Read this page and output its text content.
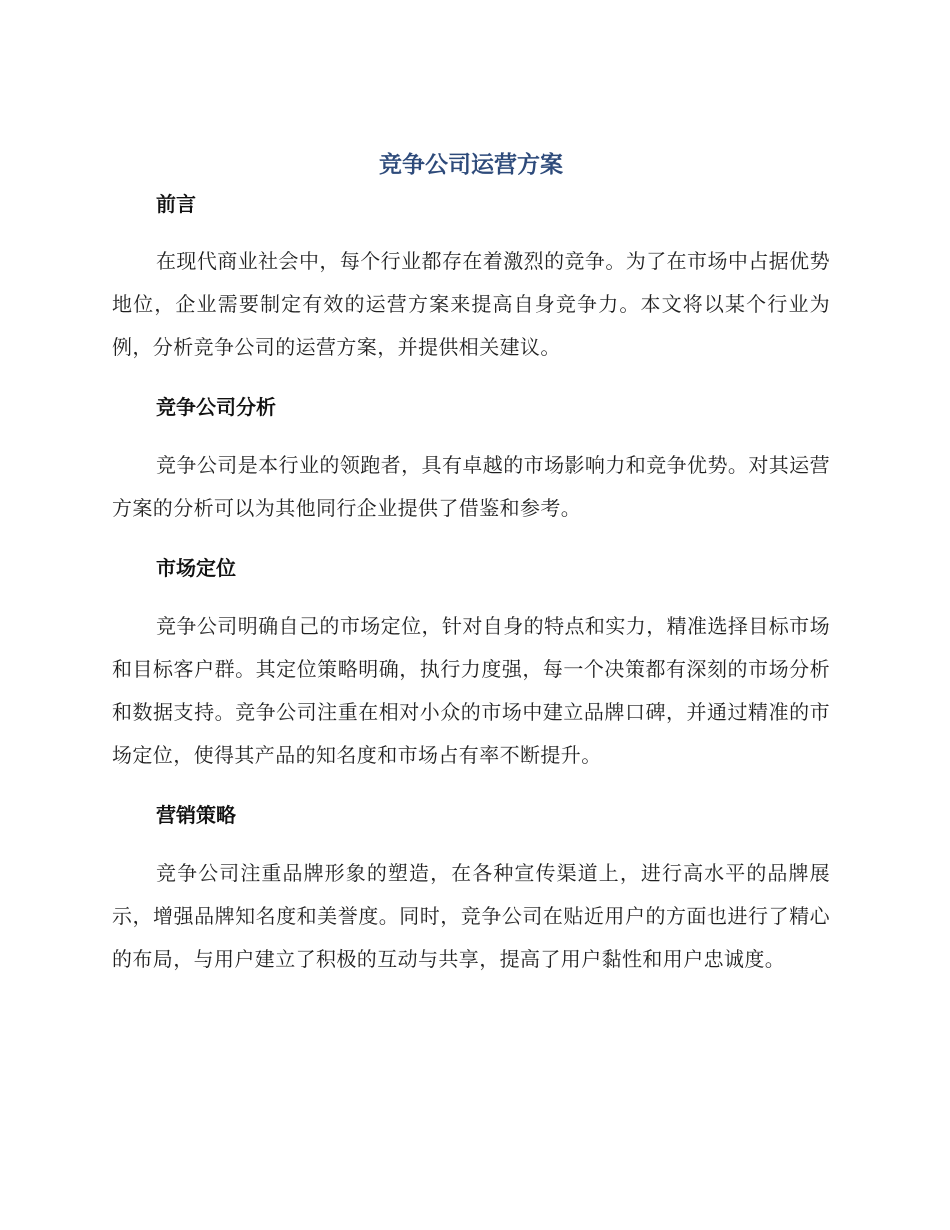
竞争公司运营方案
前言

在现代商业社会中，每个行业都存在着激烈的竞争。为了在市场中占据优势地位，企业需要制定有效的运营方案来提高自身竞争力。本文将以某个行业为例，分析竞争公司的运营方案，并提供相关建议。

竞争公司分析

竞争公司是本行业的领跑者，具有卓越的市场影响力和竞争优势。对其运营方案的分析可以为其他同行企业提供了借鉴和参考。

市场定位

竞争公司明确自己的市场定位，针对自身的特点和实力，精准选择目标市场和目标客户群。其定位策略明确，执行力度强，每一个决策都有深刻的市场分析和数据支持。竞争公司注重在相对小众的市场中建立品牌口碑，并通过精准的市场定位，使得其产品的知名度和市场占有率不断提升。

营销策略

竞争公司注重品牌形象的塑造，在各种宣传渠道上，进行高水平的品牌展示，增强品牌知名度和美誉度。同时，竞争公司在贴近用户的方面也进行了精心的布局，与用户建立了积极的互动与共享，提高了用户黏性和用户忠诚度。
